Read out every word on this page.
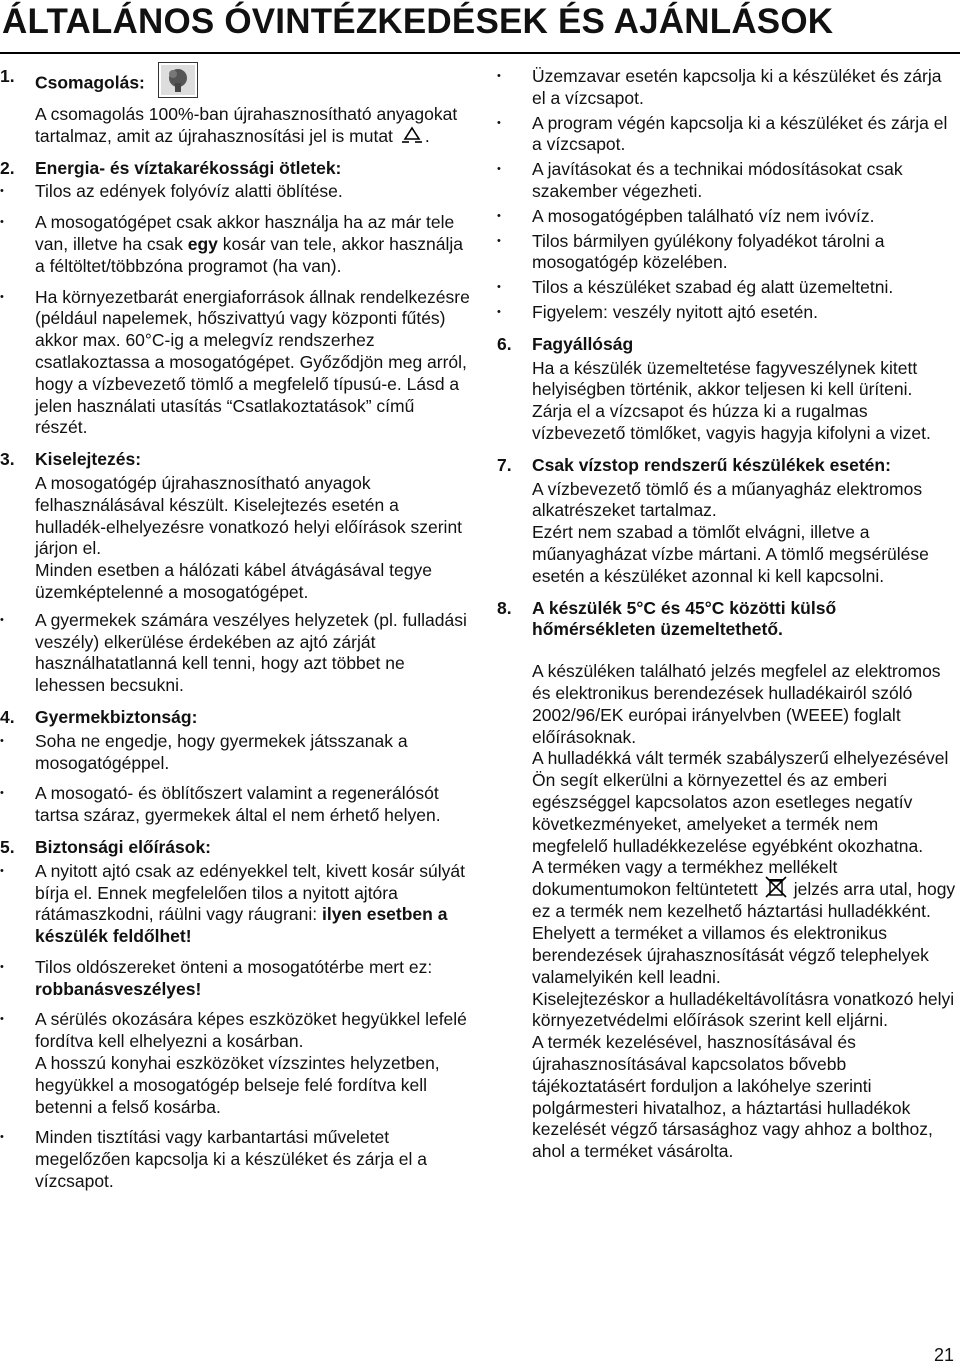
ÁLTALÁNOS ÓVINTÉZKEDÉSEK ÉS AJÁNLÁSOK
1. Csomagolás:

A csomagolás 100%-ban újrahasznosítható anyagokat tartalmaz, amit az újrahasznosítási jel is mutat .

2. Energia- és víztakarékossági ötletek:
• Tilos az edények folyóvíz alatti öblítése.
• A mosogatógépet csak akkor használja ha az már tele van, illetve ha csak egy kosár van tele, akkor használja a féltöltet/többzóna programot (ha van).
• Ha környezetbarát energiaforrások állnak rendelkezésre (például napelemek, hőszivattyú vagy központi fűtés) akkor max. 60°C-ig a melegvíz rendszerhez csatlakoztassa a mosogatógépet. Győződjön meg arról, hogy a vízbevezető tömlő a megfelelő típusú-e. Lásd a jelen használati utasítás “Csatlakoztatások” című részét.
3. Kiselejtezés:

A mosogatógép újrahasznosítható anyagok felhasználásával készült. Kiselejtezés esetén a hulladék-elhelyezésre vonatkozó helyi előírások szerint járjon el.

Minden esetben a hálózati kábel átvágásával tegye üzemképtelenné a mosogatógépet.

• A gyermekek számára veszélyes helyzetek (pl. fulladási veszély) elkerülése érdekében az ajtó zárját használhatatlanná kell tenni, hogy azt többet ne lehessen becsukni.
4. Gyermekbiztonság:
• Soha ne engedje, hogy gyermekek játsszanak a mosogatógéppel.
• A mosogató- és öblítőszert valamint a regenerálósót tartsa száraz, gyermekek által el nem érhető helyen.
5. Biztonsági előírások:
• A nyitott ajtó csak az edényekkel telt, kivett kosár súlyát bírja el. Ennek megfelelően tilos a nyitott ajtóra rátámaszkodni, ráülni vagy ráugrani: ilyen esetben a készülék feldőlhet!
• Tilos oldószereket önteni a mosogatótérbe mert ez: robbanásveszélyes!
• A sérülés okozására képes eszközöket hegyükkel lefelé fordítva kell elhelyezni a kosárban.
A hosszú konyhai eszközöket vízszintes helyzetben, hegyükkel a mosogatógép belseje felé fordítva kell betenni a felső kosárba.
• Minden tisztítási vagy karbantartási műveletet megelőzően kapcsolja ki a készüléket és zárja el a vízcsapot.
• Üzemzavar esetén kapcsolja ki a készüléket és zárja el a vízcsapot.
• A program végén kapcsolja ki a készüléket és zárja el a vízcsapot.
• A javításokat és a technikai módosításokat csak szakember végezheti.
• A mosogatógépben található víz nem ivóvíz.
• Tilos bármilyen gyúlékony folyadékot tárolni a mosogatógép közelében.
• Tilos a készüléket szabad ég alatt üzemeltetni.
• Figyelem: veszély nyitott ajtó esetén.
6. Fagyállóság

Ha a készülék üzemeltetése fagyveszélynek kitett helyiségben történik, akkor teljesen ki kell üríteni.

Zárja el a vízcsapot és húzza ki a rugalmas vízbevezető tömlőket, vagyis hagyja kifolyni a vizet.

7. Csak vízstop rendszerű készülékek esetén:

A vízbevezető tömlő és a műanyagház elektromos alkatrészeket tartalmaz.

Ezért nem szabad a tömlőt elvágni, illetve a műanyagházat vízbe mártani. A tömlő megsérülése esetén a készüléket azonnal ki kell kapcsolni.

8. A készülék 5°C és 45°C közötti külső hőmérsékleten üzemeltethető.

A készüléken található jelzés megfelel az elektromos és elektronikus berendezések hulladékairól szóló 2002/96/EK európai irányelvben (WEEE) foglalt előírásoknak.

A hulladékká vált termék szabályszerű elhelyezésével Ön segít elkerülni a környezettel és az emberi egészséggel kapcsolatos azon esetleges negatív következményeket, amelyeket a termék nem megfelelő hulladékkezelése egyébként okozhatna.

A terméken vagy a termékhez mellékelt dokumentumokon feltüntetett jelzés arra utal, hogy ez a termék nem kezelhető háztartási hulladékként. Ehelyett a terméket a villamos és elektronikus berendezések újrahasznosítását végző telephelyek valamelyikén kell leadni.

Kiselejtezéskor a hulladékeltávolításra vonatkozó helyi környezetvédelmi előírások szerint kell eljárni.

A termék kezelésével, hasznosításával és újrahasznosításával kapcsolatos bővebb tájékoztatásért forduljon a lakóhelye szerinti polgármesteri hivatalhoz, a háztartási hulladékok kezelését végző társasághoz vagy ahhoz a bolthoz, ahol a terméket vásárolta.

21
